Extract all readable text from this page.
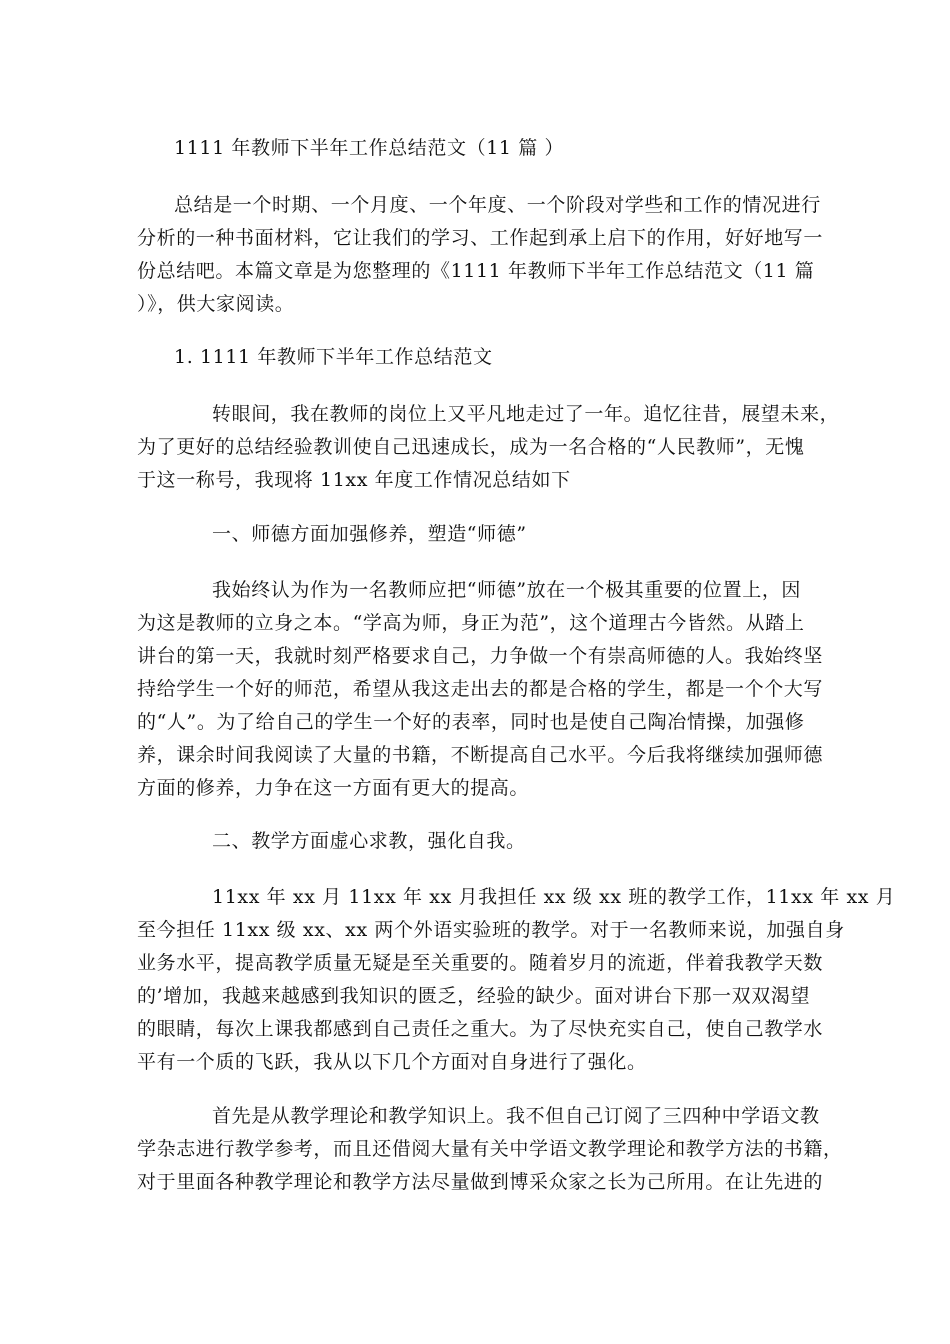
1111 年教师下半年工作总结范文（11 篇 ）
总结是一个时期、一个月度、一个年度、一个阶段对学些和工作的情况进行
分析的一种书面材料，它让我们的学习、工作起到承上启下的作用，好好地写一
份总结吧。本篇文章是为您整理的《1111 年教师下半年工作总结范文（11 篇
）》，供大家阅读。
1. 1111 年教师下半年工作总结范文
转眼间，我在教师的岗位上又平凡地走过了一年。追忆往昔，展望未来，
为了更好的总结经验教训使自己迅速成长，成为一名合格的“人民教师”，无愧
于这一称号，我现将 11xx 年度工作情况总结如下
一、师德方面加强修养，塑造“师德”
我始终认为作为一名教师应把“师德”放在一个极其重要的位置上，因
为这是教师的立身之本。“学高为师，身正为范”，这个道理古今皆然。从踏上
讲台的第一天，我就时刻严格要求自己，力争做一个有崇高师德的人。我始终坚
持给学生一个好的师范，希望从我这走出去的都是合格的学生，都是一个个大写
的“人”。为了给自己的学生一个好的表率，同时也是使自己陶冶情操，加强修
养，课余时间我阅读了大量的书籍，不断提高自己水平。今后我将继续加强师德
方面的修养，力争在这一方面有更大的提高。
二、教学方面虚心求教，强化自我。
11xx 年 xx 月 11xx 年 xx 月我担任 xx 级 xx 班的教学工作，11xx 年 xx 月
至今担任 11xx 级 xx、xx 两个外语实验班的教学。对于一名教师来说，加强自身
业务水平，提高教学质量无疑是至关重要的。随着岁月的流逝，伴着我教学天数
的’增加，我越来越感到我知识的匮乏，经验的缺少。面对讲台下那一双双渴望
的眼睛，每次上课我都感到自己责任之重大。为了尽快充实自己，使自己教学水
平有一个质的飞跃，我从以下几个方面对自身进行了强化。
首先是从教学理论和教学知识上。我不但自己订阅了三四种中学语文教
学杂志进行教学参考，而且还借阅大量有关中学语文教学理论和教学方法的书籍，
对于里面各种教学理论和教学方法尽量做到博采众家之长为己所用。在让先进的
